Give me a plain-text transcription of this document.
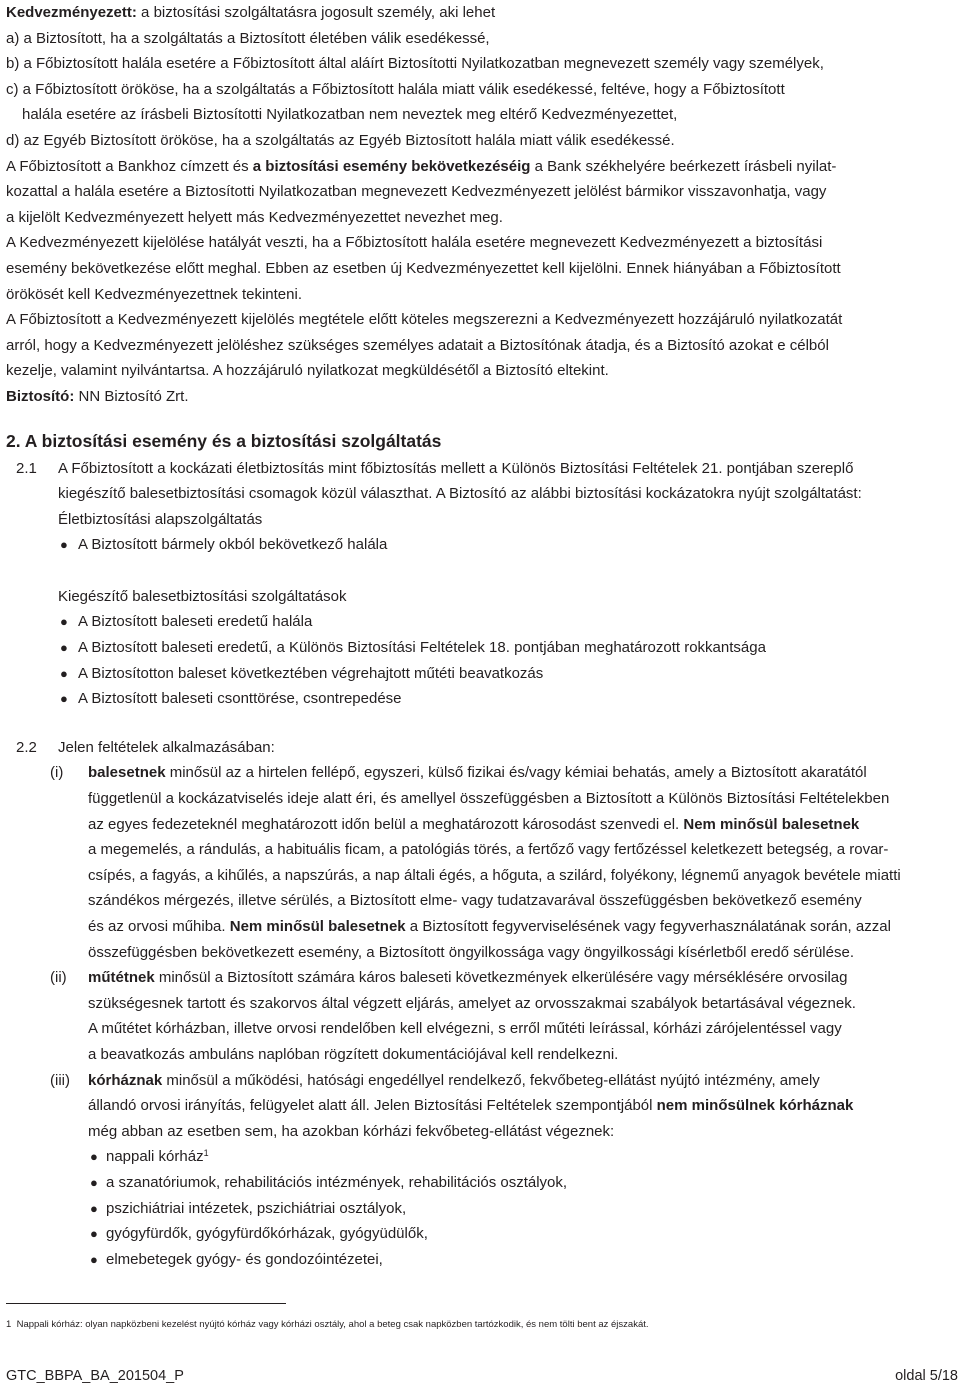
Kedvezményezett: a biztosítási szolgáltatásra jogosult személy, aki lehet

a) a Biztosított, ha a szolgáltatás a Biztosított életében válik esedékessé,

b) a Főbiztosított halála esetére a Főbiztosított által aláírt Biztosítotti Nyilatkozatban megnevezett személy vagy személyek,

c) a Főbiztosított örököse, ha a szolgáltatás a Főbiztosított halála miatt válik esedékessé, feltéve, hogy a Főbiztosított

halála esetére az írásbeli Biztosítotti Nyilatkozatban nem neveztek meg eltérő Kedvezményezettet,

d) az Egyéb Biztosított örököse, ha a szolgáltatás az Egyéb Biztosított halála miatt válik esedékessé.

A Főbiztosított a Bankhoz címzett és a biztosítási esemény bekövetkezéséig a Bank székhelyére beérkezett írásbeli nyilat-

kozattal a halála esetére a Biztosítotti Nyilatkozatban megnevezett Kedvezményezett jelölést bármikor visszavonhatja, vagy

a kijelölt Kedvezményezett helyett más Kedvezményezettet nevezhet meg.

A Kedvezményezett kijelölése hatályát veszti, ha a Főbiztosított halála esetére megnevezett Kedvezményezett a biztosítási

esemény bekövetkezése előtt meghal. Ebben az esetben új Kedvezményezettet kell kijelölni. Ennek hiányában a Főbiztosított

örökösét kell Kedvezményezettnek tekinteni.

A Főbiztosított a Kedvezményezett kijelölés megtétele előtt köteles megszerezni a Kedvezményezett hozzájáruló nyilatkozatát

arról, hogy a Kedvezményezett jelöléshez szükséges személyes adatait a Biztosítónak átadja, és a Biztosító azokat e célból

kezelje, valamint nyilvántartsa. A hozzájáruló nyilatkozat megküldésétől a Biztosító eltekint.

Biztosító: NN Biztosító Zrt.

2. A biztosítási esemény és a biztosítási szolgáltatás

2.1 A Főbiztosított a kockázati életbiztosítás mint főbiztosítás mellett a Különös Biztosítási Feltételek 21. pontjában szereplő

kiegészítő balesetbiztosítási csomagok közül választhat. A Biztosító az alábbi biztosítási kockázatokra nyújt szolgáltatást:

Életbiztosítási alapszolgáltatás

● A Biztosított bármely okból bekövetkező halála

Kiegészítő balesetbiztosítási szolgáltatások

● A Biztosított baleseti eredetű halála
● A Biztosított baleseti eredetű, a Különös Biztosítási Feltételek 18. pontjában meghatározott rokkantsága
● A Biztosítotton baleset következtében végrehajtott műtéti beavatkozás
● A Biztosított baleseti csonttörése, csontrepedése
2.2	Jelen feltételek alkalmazásában:

(i) balesetnek minősül az a hirtelen fellépő, egyszeri, külső fizikai és/vagy kémiai behatás, amely a Biztosított akaratától

függetlenül a kockázatviselés ideje alatt éri, és amellyel összefüggésben a Biztosított a Különös Biztosítási Feltételekben

az egyes fedezeteknél meghatározott időn belül a meghatározott károsodást szenvedi el. Nem minősül balesetnek

a megemelés, a rándulás, a habituális ficam, a patológiás törés, a fertőző vagy fertőzéssel keletkezett betegség, a rovar-

csípés, a fagyás, a kihűlés, a napszúrás, a nap általi égés, a hőguta, a szilárd, folyékony, légnemű anyagok bevétele miatti

szándékos mérgezés, illetve sérülés, a Biztosított elme- vagy tudatzavarával összefüggésben bekövetkező esemény

és az orvosi műhiba. Nem minősül balesetnek a Biztosított fegyverviselésének vagy fegyverhasználatának során, azzal

összefüggésben bekövetkezett esemény, a Biztosított öngyilkossága vagy öngyilkossági kísérletből eredő sérülése.

(ii) műtétnek minősül a Biztosított számára káros baleseti következmények elkerülésére vagy mérséklésére orvosilag

szükségesnek tartott és szakorvos által végzett eljárás, amelyet az orvosszakmai szabályok betartásával végeznek.

A műtétet kórházban, illetve orvosi rendelőben kell elvégezni, s erről műtéti leírással, kórházi zárójelentéssel vagy

a beavatkozás ambuláns naplóban rögzített dokumentációjával kell rendelkezni.

(iii) kórháznak minősül a működési, hatósági engedéllyel rendelkező, fekvőbeteg-ellátást nyújtó intézmény, amely

állandó orvosi irányítás, felügyelet alatt áll. Jelen Biztosítási Feltételek szempontjából nem minősülnek kórháznak

még abban az esetben sem, ha azokban kórházi fekvőbeteg-ellátást végeznek:

● nappali kórház$^1$
● a szanatóriumok, rehabilitációs intézmények, rehabilitációs osztályok,
● pszichiátriai intézetek, pszichiátriai osztályok,
● gyógyfürdők, gyógyfürdőkórházak, gyógyüdülők,
● elmebetegek gyógy- és gondozóintézetei,
1 Nappali kórház: olyan napközbeni kezelést nyújtó kórház vagy kórházi osztály, ahol a beteg csak napközben tartózkodik, és nem tölti bent az éjszakát.
GTC_BBPA_BA_201504_P	oldal 5/18
